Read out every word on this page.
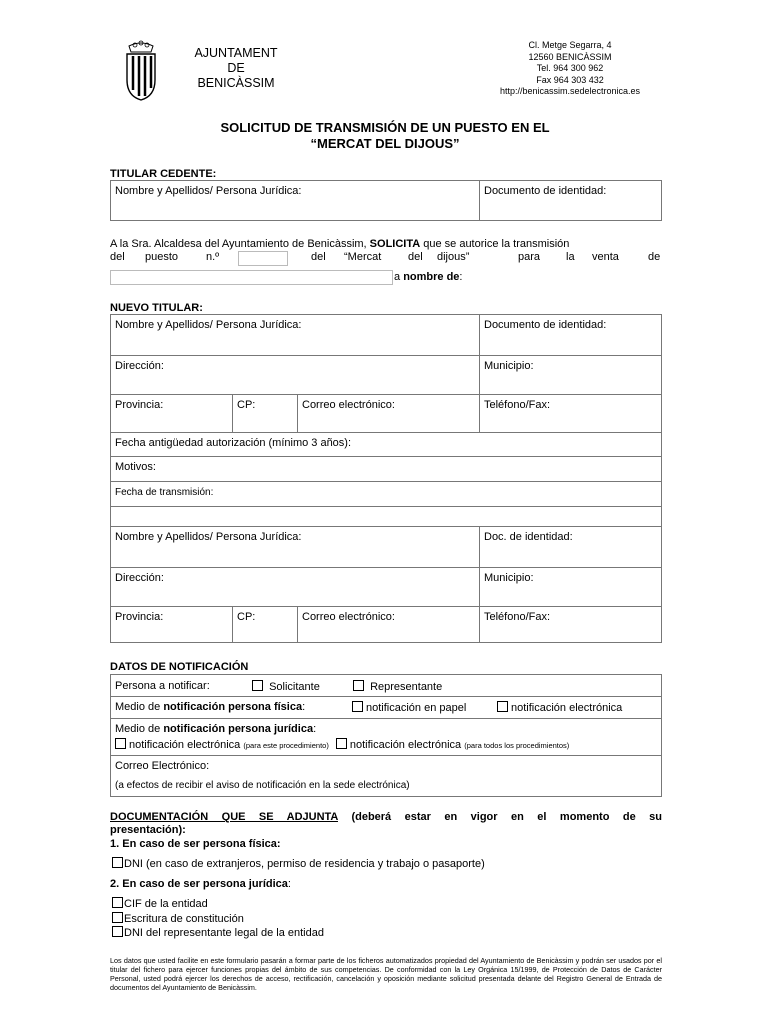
AJUNTAMENT
DE
BENICÀSSIM
Cl. Metge Segarra, 4
12560 BENICÀSSIM
Tel. 964 300 962
Fax 964 303 432
http://benicassim.sedelectronica.es
SOLICITUD DE TRANSMISIÓN DE UN PUESTO EN EL
“MERCAT DEL DIJOUS”
TITULAR CEDENTE:
Nombre y Apellidos/ Persona Jurídica:	Documento de identidad:
A la Sra. Alcaldesa del Ayuntamiento de Benicàssim, SOLICITA que se autorice la transmisión
del puesto	n.º	del “Mercat del dijous”	para la venta	de
a nombre de:
NUEVO TITULAR:
Nombre y Apellidos/ Persona Jurídica:	Documento de identidad:
Dirección:	Municipio:
Provincia:	CP:	Correo electrónico:	Teléfono/Fax:
Fecha antigüedad autorización (mínimo 3 años):
Motivos:
Fecha de transmisión:
Nombre y Apellidos/ Persona Jurídica:	Doc. de identidad:
Dirección:	Municipio:
Provincia:	CP:	Correo electrónico:	Teléfono/Fax:
DATOS DE NOTIFICACIÓN
Persona a notificar:	Solicitante	Representante
Medio de notificación persona física:	notificación en papel	notificación electrónica
Medio de notificación persona jurídica:
notificación electrónica (para este procedimiento) notificación electrónica (para todos los procedimientos)
Correo Electrónico:
(a efectos de recibir el aviso de notificación en la sede electrónica)
DOCUMENTACIÓN QUE SE ADJUNTA (deberá estar en vigor en el momento de su presentación):
1. En caso de ser persona física:
DNI (en caso de extranjeros, permiso de residencia y trabajo o pasaporte)
2. En caso de ser persona jurídica:
CIF de la entidad
Escritura de constitución
DNI del representante legal de la entidad
Los datos que usted facilite en este formulario pasarán a formar parte de los ficheros automatizados propiedad del Ayuntamiento de Benicàssim y podrán ser usados por el titular del fichero para ejercer funciones propias del ámbito de sus competencias. De conformidad con la Ley Orgánica 15/1999, de Protección de Datos de Carácter Personal, usted podrá ejercer los derechos de acceso, rectificación, cancelación y oposición mediante solicitud presentada delante del Registro General de Entrada de documentos del Ayuntamiento de Benicàssim.
